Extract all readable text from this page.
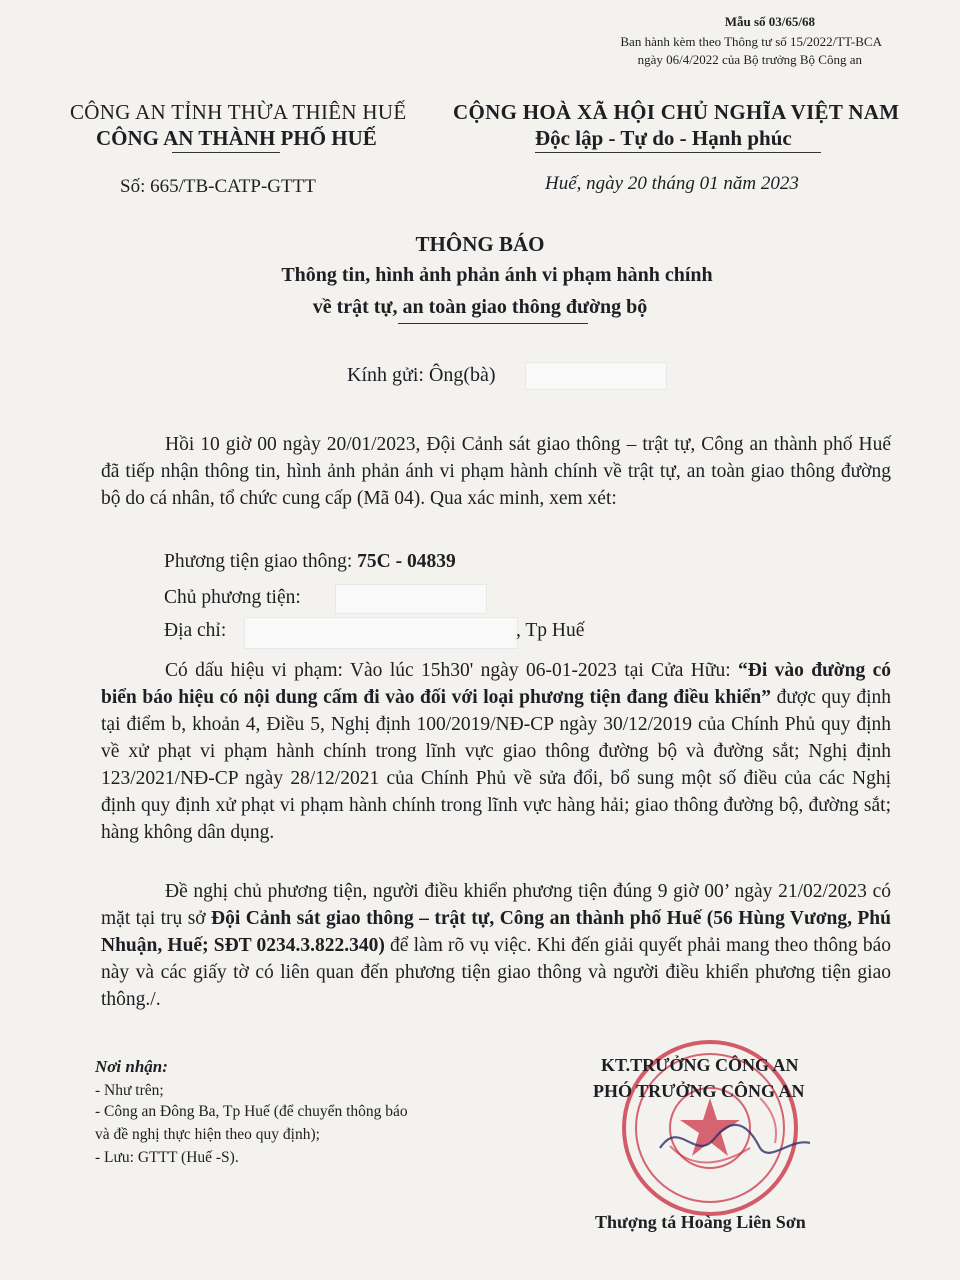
Mẫu số 03/65/68
Ban hành kèm theo Thông tư số 15/2022/TT-BCA
ngày 06/4/2022 của Bộ trưởng Bộ Công an
CÔNG AN TỈNH THỪA THIÊN HUẾ
CÔNG AN THÀNH PHỐ HUẾ
CỘNG HOÀ XÃ HỘI CHỦ NGHĨA VIỆT NAM
Độc lập - Tự do - Hạnh phúc
Số: 665/TB-CATP-GTTT	Huế, ngày 20 tháng 01 năm 2023
THÔNG BÁO
Thông tin, hình ảnh phản ánh vi phạm hành chính
về trật tự, an toàn giao thông đường bộ
Kính gửi: Ông(bà)
Hồi 10 giờ 00 ngày 20/01/2023, Đội Cảnh sát giao thông – trật tự, Công an thành phố Huế đã tiếp nhận thông tin, hình ảnh phản ánh vi phạm hành chính về trật tự, an toàn giao thông đường bộ do cá nhân, tổ chức cung cấp (Mã 04). Qua xác minh, xem xét:
Phương tiện giao thông: 75C - 04839
Chủ phương tiện:
Địa chỉ:	, Tp Huế
Có dấu hiệu vi phạm: Vào lúc 15h30' ngày 06-01-2023 tại Cửa Hữu: “Đi vào đường có biển báo hiệu có nội dung cấm đi vào đối với loại phương tiện đang điều khiển” được quy định tại điểm b, khoản 4, Điều 5, Nghị định 100/2019/NĐ-CP ngày 30/12/2019 của Chính Phủ quy định về xử phạt vi phạm hành chính trong lĩnh vực giao thông đường bộ và đường sắt; Nghị định 123/2021/NĐ-CP ngày 28/12/2021 của Chính Phủ về sửa đổi, bổ sung một số điều của các Nghị định quy định xử phạt vi phạm hành chính trong lĩnh vực hàng hải; giao thông đường bộ, đường sắt; hàng không dân dụng.
Đề nghị chủ phương tiện, người điều khiển phương tiện đúng 9 giờ 00’ ngày 21/02/2023 có mặt tại trụ sở Đội Cảnh sát giao thông – trật tự, Công an thành phố Huế (56 Hùng Vương, Phú Nhuận, Huế; SĐT 0234.3.822.340) để làm rõ vụ việc. Khi đến giải quyết phải mang theo thông báo này và các giấy tờ có liên quan đến phương tiện giao thông và người điều khiển phương tiện giao thông./.
Nơi nhận:
- Như trên;
- Công an Đông Ba, Tp Huế (để chuyển thông báo
và đề nghị thực hiện theo quy định);
- Lưu: GTTT (Huế -S).
KT.TRƯỞNG CÔNG AN
PHÓ TRƯỞNG CÔNG AN
Thượng tá Hoàng Liên Sơn
